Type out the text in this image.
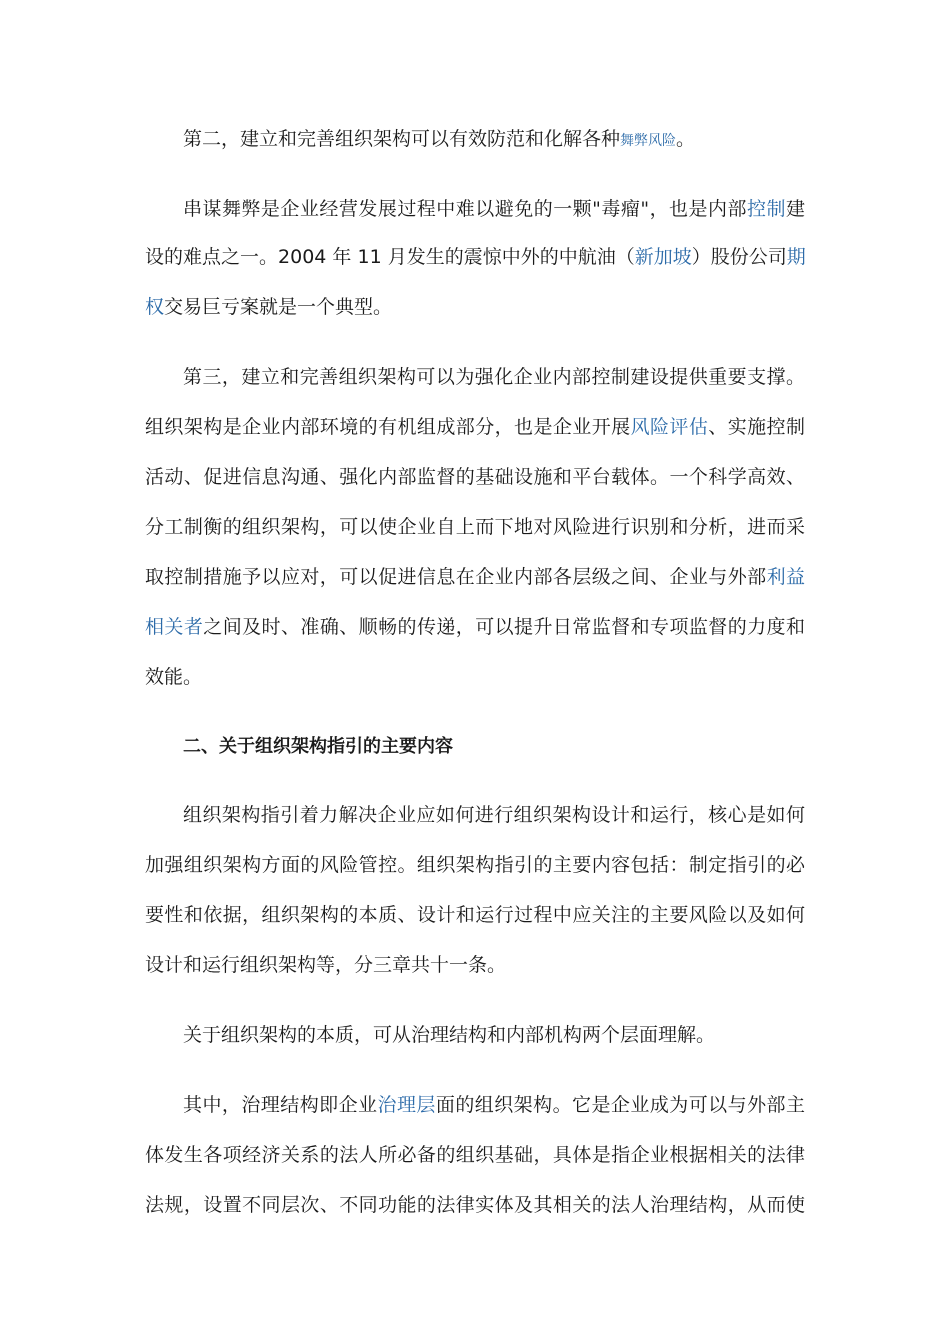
第二，建立和完善组织架构可以有效防范和化解各种舞弊风险。
串谋舞弊是企业经营发展过程中难以避免的一颗"毒瘤"，也是内部控制建
设的难点之一。2004 年 11 月发生的震惊中外的中航油（新加坡）股份公司期
权交易巨亏案就是一个典型。
第三，建立和完善组织架构可以为强化企业内部控制建设提供重要支撑。
组织架构是企业内部环境的有机组成部分，也是企业开展风险评估、实施控制
活动、促进信息沟通、强化内部监督的基础设施和平台载体。一个科学高效、
分工制衡的组织架构，可以使企业自上而下地对风险进行识别和分析，进而采
取控制措施予以应对，可以促进信息在企业内部各层级之间、企业与外部利益
相关者之间及时、准确、顺畅的传递，可以提升日常监督和专项监督的力度和
效能。
二、关于组织架构指引的主要内容
组织架构指引着力解决企业应如何进行组织架构设计和运行，核心是如何
加强组织架构方面的风险管控。组织架构指引的主要内容包括：制定指引的必
要性和依据，组织架构的本质、设计和运行过程中应关注的主要风险以及如何
设计和运行组织架构等，分三章共十一条。
关于组织架构的本质，可从治理结构和内部机构两个层面理解。
其中，治理结构即企业治理层面的组织架构。它是企业成为可以与外部主
体发生各项经济关系的法人所必备的组织基础，具体是指企业根据相关的法律
法规，设置不同层次、不同功能的法律实体及其相关的法人治理结构，从而使
